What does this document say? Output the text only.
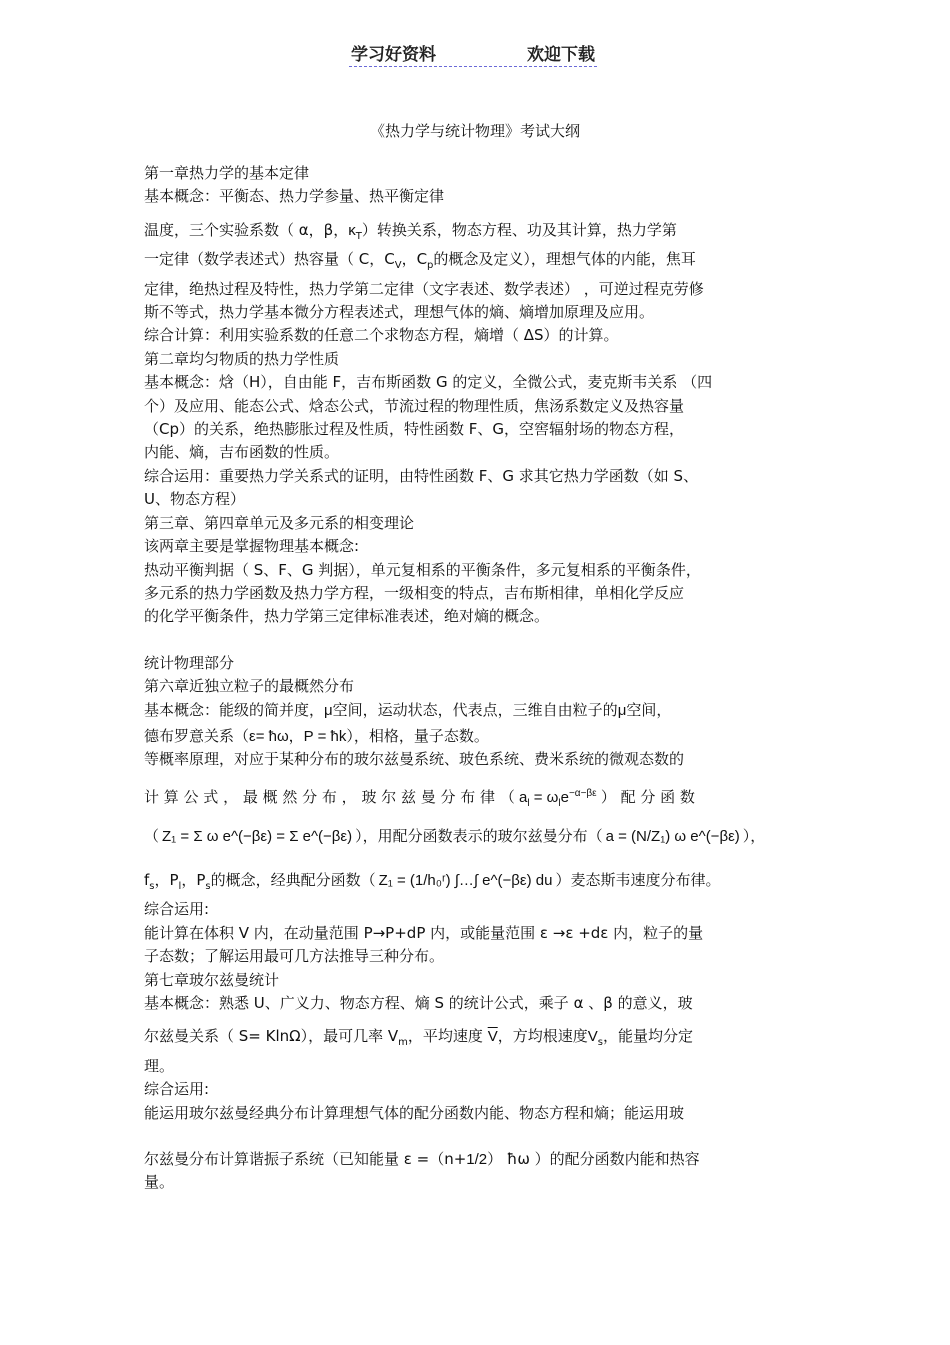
学习好资料	欢迎下载
《热力学与统计物理》考试大纲

第一章热力学的基本定律

基本概念：平衡态、热力学参量、热平衡定律

温度，三个实验系数（ α，β，$\kappa_T$）转换关系，物态方程、功及其计算，热力学第

一定律（数学表述式）热容量（ C，$C_V$，$C_p$的概念及定义），理想气体的内能，焦耳

定律，绝热过程及特性，热力学第二定律（文字表述、数学表述） ，可逆过程克劳修

斯不等式，热力学基本微分方程表述式，理想气体的熵、熵增加原理及应用。

综合计算：利用实验系数的任意二个求物态方程，熵增（ ΔS）的计算。

第二章均匀物质的热力学性质

基本概念：焓（H），自由能 F，吉布斯函数 G 的定义，全微公式，麦克斯韦关系 （四

个）及应用、能态公式、焓态公式，节流过程的物理性质，焦汤系数定义及热容量

（Cp）的关系，绝热膨胀过程及性质，特性函数 F、G，空窖辐射场的物态方程，

内能、熵，吉布函数的性质。

综合运用：重要热力学关系式的证明，由特性函数 F、G 求其它热力学函数（如 S、

U、物态方程）

第三章、第四章单元及多元系的相变理论

该两章主要是掌握物理基本概念:

热动平衡判据（ S、F、G 判据），单元复相系的平衡条件，多元复相系的平衡条件，

多元系的热力学函数及热力学方程，一级相变的特点，吉布斯相律，单相化学反应

的化学平衡条件，热力学第三定律标准表述，绝对熵的概念。

统计物理部分

第六章近独立粒子的最概然分布

基本概念：能级的简并度，μ空间，运动状态，代表点，三维自由粒子的μ空间，

德布罗意关系（ε= ħω，P = ħk），相格，量子态数。

等概率原理，对应于某种分布的玻尔兹曼系统、玻色系统、费米系统的微观态数的

计 算 公 式 ， 最 概 然 分 布 ， 玻 尔 兹 曼 分 布 律 （ $a_l = \omega_le^{-\alpha-\beta\varepsilon}$ ） 配 分 函 数

（ Z₁ = Σ ω e^(−βε) = Σ e^(−βε) ），用配分函数表示的玻尔兹曼分布（ a = (N/Z₁) ω e^(−βε) ），

$f_s$，$P_l$，$P_s$的概念，经典配分函数（ Z₁ = (1/h₀ʳ) ∫…∫ e^(−βε) du ）麦态斯韦速度分布律。

综合运用:

能计算在体积 V 内，在动量范围 P→P+dP 内，或能量范围 ε →ε +dε 内，粒子的量

子态数；了解运用最可几方法推导三种分布。

第七章玻尔兹曼统计

基本概念：熟悉 U、广义力、物态方程、熵 S 的统计公式，乘子 α 、β 的意义，玻

尔兹曼关系（ S= KlnΩ），最可几率 $V_m$，平均速度 $\overline{V}$，方均根速度$V_s$，能量均分定

理。

综合运用:

能运用玻尔兹曼经典分布计算理想气体的配分函数内能、物态方程和熵；能运用玻

尔兹曼分布计算谐振子系统（已知能量 ε =（n+1/2） ħω ）的配分函数内能和热容

量。
